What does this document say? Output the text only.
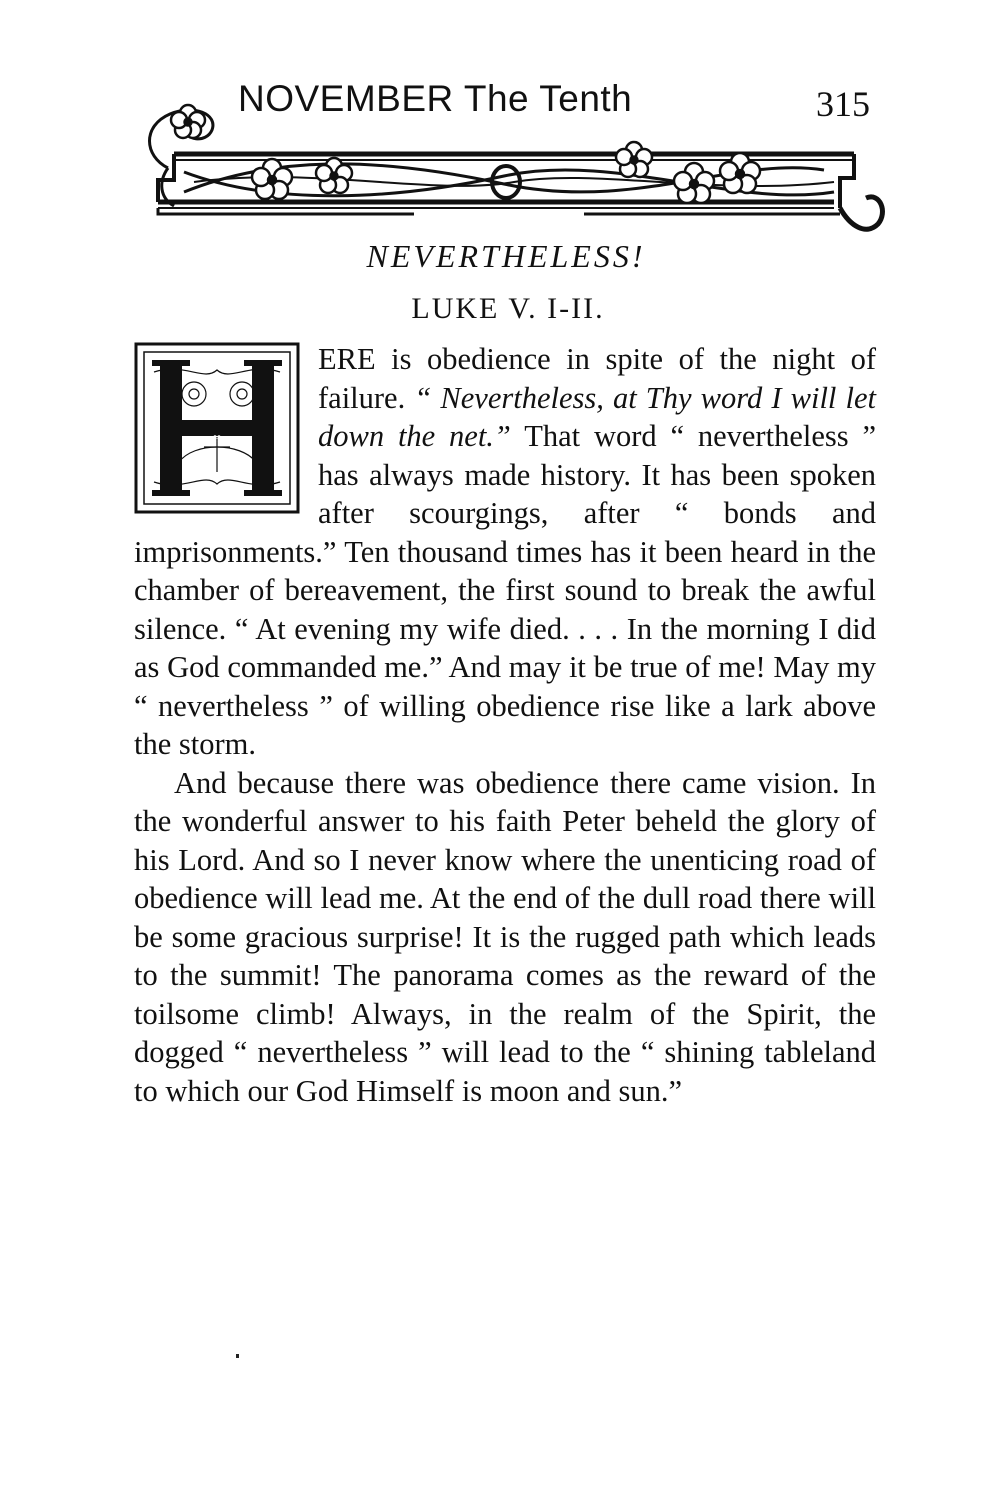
NOVEMBER The Tenth	315
NEVERTHELESS!
LUKE V. I-II.
H

ERE is obedience in spite of the night of failure. “ Nevertheless, at Thy word I will let down the net.” That word “ nevertheless ” has always made history. It has been spoken after scourgings, after “ bonds and imprisonments.” Ten thousand times has it been heard in the chamber of bereavement, the first sound to break the awful silence. “ At evening my wife died. . . . In the morning I did as God commanded me.” And may it be true of me! May my “ nevertheless ” of willing obedience rise like a lark above the storm.

And because there was obedience there came vision. In the wonderful answer to his faith Peter beheld the glory of his Lord. And so I never know where the unenticing road of obedience will lead me. At the end of the dull road there will be some gracious surprise! It is the rugged path which leads to the summit! The panorama comes as the reward of the toilsome climb! Always, in the realm of the Spirit, the dogged “ nevertheless ” will lead to the “ shining tableland to which our God Himself is moon and sun.”
